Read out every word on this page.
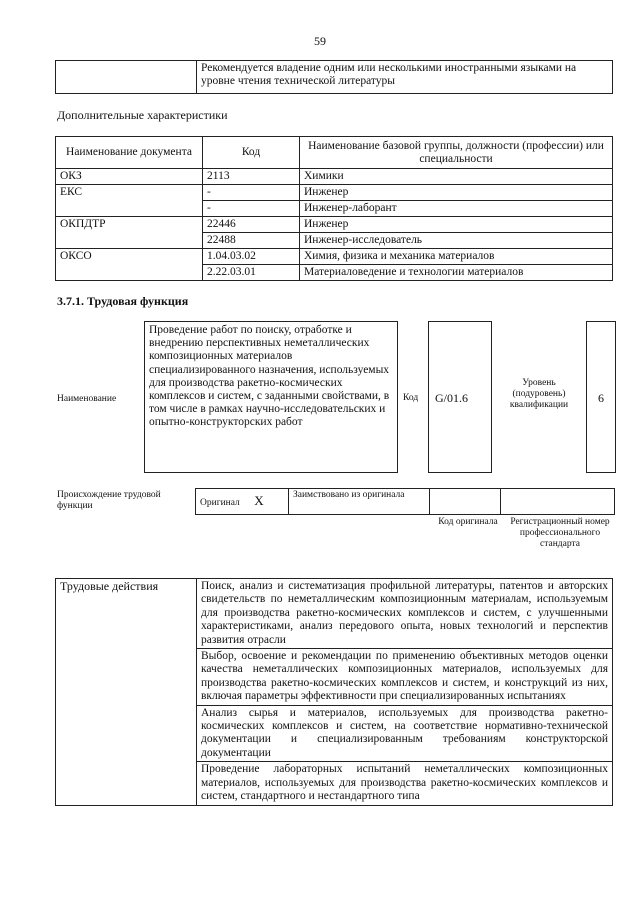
59
	Рекомендуется владение одним или несколькими иностранными языками на уровне чтения технической литературы
Дополнительные характеристики
Наименование документа	Код	Наименование базовой группы, должности (профессии) или специальности
ОКЗ	2113	Химики
ЕКС	-	Инженер
	-	Инженер-лаборант
ОКПДТР	22446	Инженер
	22488	Инженер-исследователь
ОКСО	1.04.03.02	Химия, физика и механика материалов
	2.22.03.01	Материаловедение и технологии материалов
3.7.1. Трудовая функция
Наименование
Проведение работ по поиску, отработке и внедрению перспективных неметаллических композиционных материалов специализированного назначения, используемых для производства ракетно-космических комплексов и систем, с заданными свойствами, в том числе в рамках научно-исследовательских и опытно-конструкторских работ
Код G/01.6
Уровень (подуровень) квалификации	6
Происхождение трудовой функции	Оригинал X	Заимствовано из оригинала		
Код оригинала	Регистрационный номер профессионального стандарта
Трудовые действия	Поиск, анализ и систематизация профильной литературы, патентов и авторских свидетельств по неметаллическим композиционным материалам, используемым для производства ракетно-космических комплексов и систем, с улучшенными характеристиками, анализ передового опыта, новых технологий и перспектив развития отрасли
	Выбор, освоение и рекомендации по применению объективных методов оценки качества неметаллических композиционных материалов, используемых для производства ракетно-космических комплексов и систем, и конструкций из них, включая параметры эффективности при специализированных испытаниях
	Анализ сырья и материалов, используемых для производства ракетно-космических комплексов и систем, на соответствие нормативно-технической документации и специализированным требованиям конструкторской документации
	Проведение лабораторных испытаний неметаллических композиционных материалов, используемых для производства ракетно-космических комплексов и систем, стандартного и нестандартного типа
